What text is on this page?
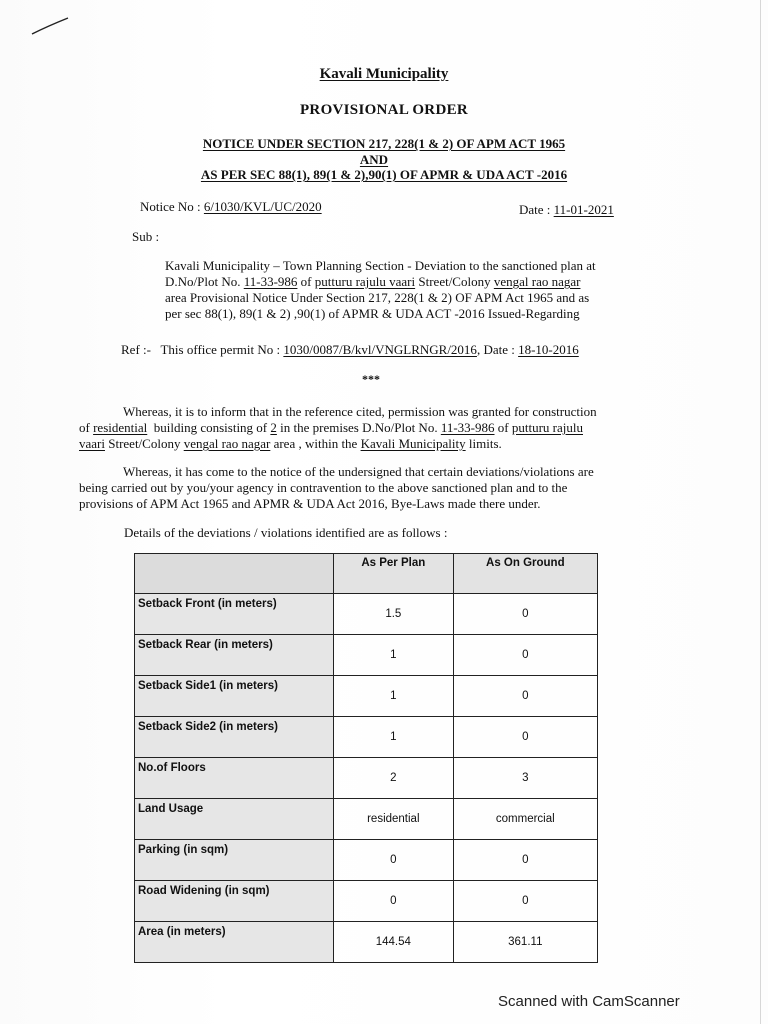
Kavali Municipality
PROVISIONAL ORDER
NOTICE UNDER SECTION 217, 228(1 & 2) OF APM ACT 1965
AND
AS PER SEC 88(1), 89(1 & 2),90(1) OF APMR & UDA ACT -2016
Notice No : 6/1030/KVL/UC/2020	Date : 11-01-2021
Sub :
Kavali Municipality – Town Planning Section - Deviation to the sanctioned plan at
D.No/Plot No. 11-33-986 of putturu rajulu vaari Street/Colony vengal rao nagar
area Provisional Notice Under Section 217, 228(1 & 2) OF APM Act 1965 and as
per sec 88(1), 89(1 & 2) ,90(1) of APMR & UDA ACT -2016 Issued-Regarding
Ref :- This office permit No : 1030/0087/B/kvl/VNGLRNGR/2016, Date : 18-10-2016
***
Whereas, it is to inform that in the reference cited, permission was granted for construction
of residential building consisting of 2 in the premises D.No/Plot No. 11-33-986 of putturu rajulu
vaari Street/Colony vengal rao nagar area , within the Kavali Municipality limits.
Whereas, it has come to the notice of the undersigned that certain deviations/violations are
being carried out by you/your agency in contravention to the above sanctioned plan and to the
provisions of APM Act 1965 and APMR & UDA Act 2016, Bye-Laws made there under.
Details of the deviations / violations identified are as follows :
	As Per Plan	As On Ground
Setback Front (in meters)	1.5	0
Setback Rear (in meters)	1	0
Setback Side1 (in meters)	1	0
Setback Side2 (in meters)	1	0
No.of Floors	2	3
Land Usage	residential	commercial
Parking (in sqm)	0	0
Road Widening (in sqm)	0	0
Area (in meters)	144.54	361.11
Scanned with CamScanner
